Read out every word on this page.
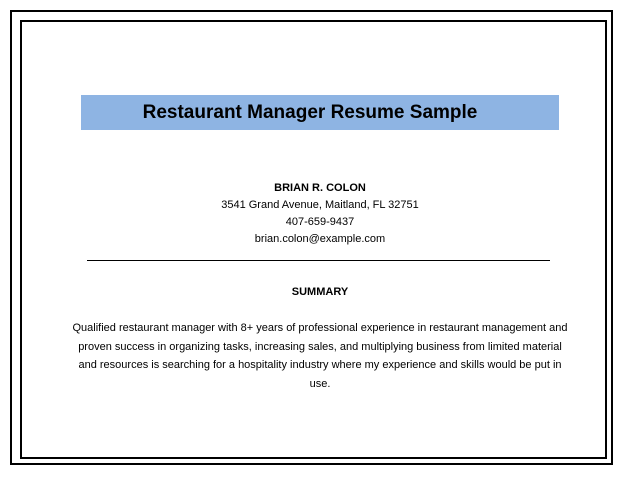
Restaurant Manager Resume Sample
BRIAN R. COLON
3541 Grand Avenue, Maitland, FL 32751
407-659-9437
brian.colon@example.com
SUMMARY
Qualified restaurant manager with 8+ years of professional experience in restaurant management and proven success in organizing tasks, increasing sales, and multiplying business from limited material and resources is searching for a hospitality industry where my experience and skills would be put in use.
